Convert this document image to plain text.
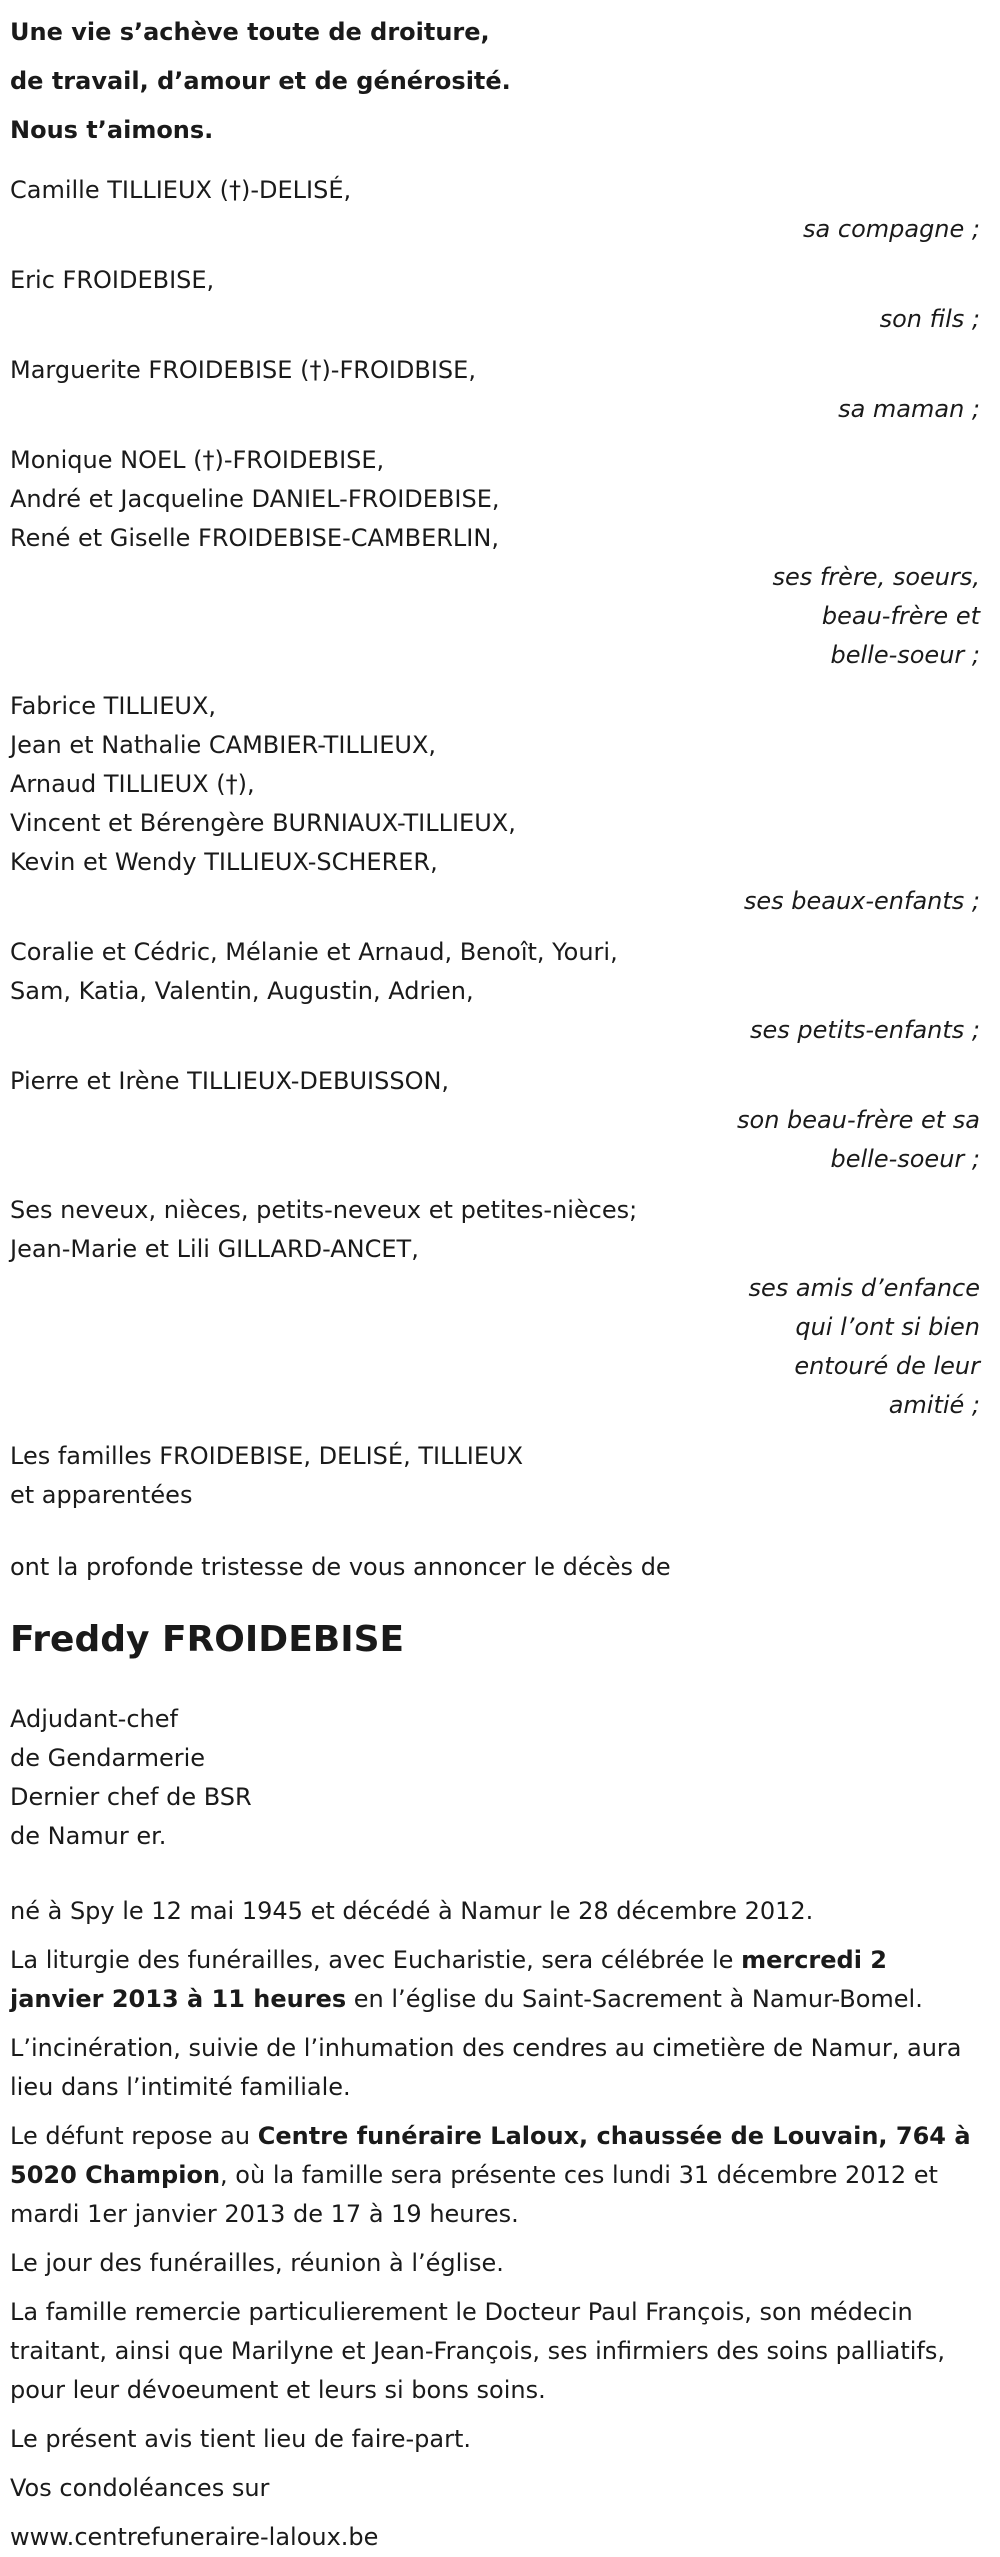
Une vie s’achève toute de droiture,

de travail, d’amour et de générosité.

Nous t’aimons.

Camille TILLIEUX (†)-DELISÉ,

sa compagne ;

Eric FROIDEBISE,

son fils ;

Marguerite FROIDEBISE (†)-FROIDBISE,

sa maman ;

Monique NOEL (†)-FROIDEBISE,

André et Jacqueline DANIEL-FROIDEBISE,

René et Giselle FROIDEBISE-CAMBERLIN,

ses frère, soeurs,

beau-frère et

belle-soeur ;

Fabrice TILLIEUX,

Jean et Nathalie CAMBIER-TILLIEUX,

Arnaud TILLIEUX (†),

Vincent et Bérengère BURNIAUX-TILLIEUX,

Kevin et Wendy TILLIEUX-SCHERER,

ses beaux-enfants ;

Coralie et Cédric, Mélanie et Arnaud, Benoît, Youri,

Sam, Katia, Valentin, Augustin, Adrien,

ses petits-enfants ;

Pierre et Irène TILLIEUX-DEBUISSON,

son beau-frère et sa

belle-soeur ;

Ses neveux, nièces, petits-neveux et petites-nièces;

Jean-Marie et Lili GILLARD-ANCET,

ses amis d’enfance

qui l’ont si bien

entouré de leur

amitié ;

Les familles FROIDEBISE, DELISÉ, TILLIEUX

et apparentées

ont la profonde tristesse de vous annoncer le décès de

Freddy FROIDEBISE

Adjudant-chef

de Gendarmerie

Dernier chef de BSR

de Namur er.

né à Spy le 12 mai 1945 et décédé à Namur le 28 décembre 2012.

La liturgie des funérailles, avec Eucharistie, sera célébrée le mercredi 2 janvier 2013 à 11 heures en l’église du Saint-Sacrement à Namur-Bomel.

L’incinération, suivie de l’inhumation des cendres au cimetière de Namur, aura lieu dans l’intimité familiale.

Le défunt repose au Centre funéraire Laloux, chaussée de Louvain, 764 à 5020 Champion, où la famille sera présente ces lundi 31 décembre 2012 et mardi 1er janvier 2013 de 17 à 19 heures.

Le jour des funérailles, réunion à l’église.

La famille remercie particulierement le Docteur Paul François, son médecin traitant, ainsi que Marilyne et Jean-François, ses infirmiers des soins palliatifs, pour leur dévoeument et leurs si bons soins.

Le présent avis tient lieu de faire-part.

Vos condoléances sur

www.centrefuneraire-laloux.be
